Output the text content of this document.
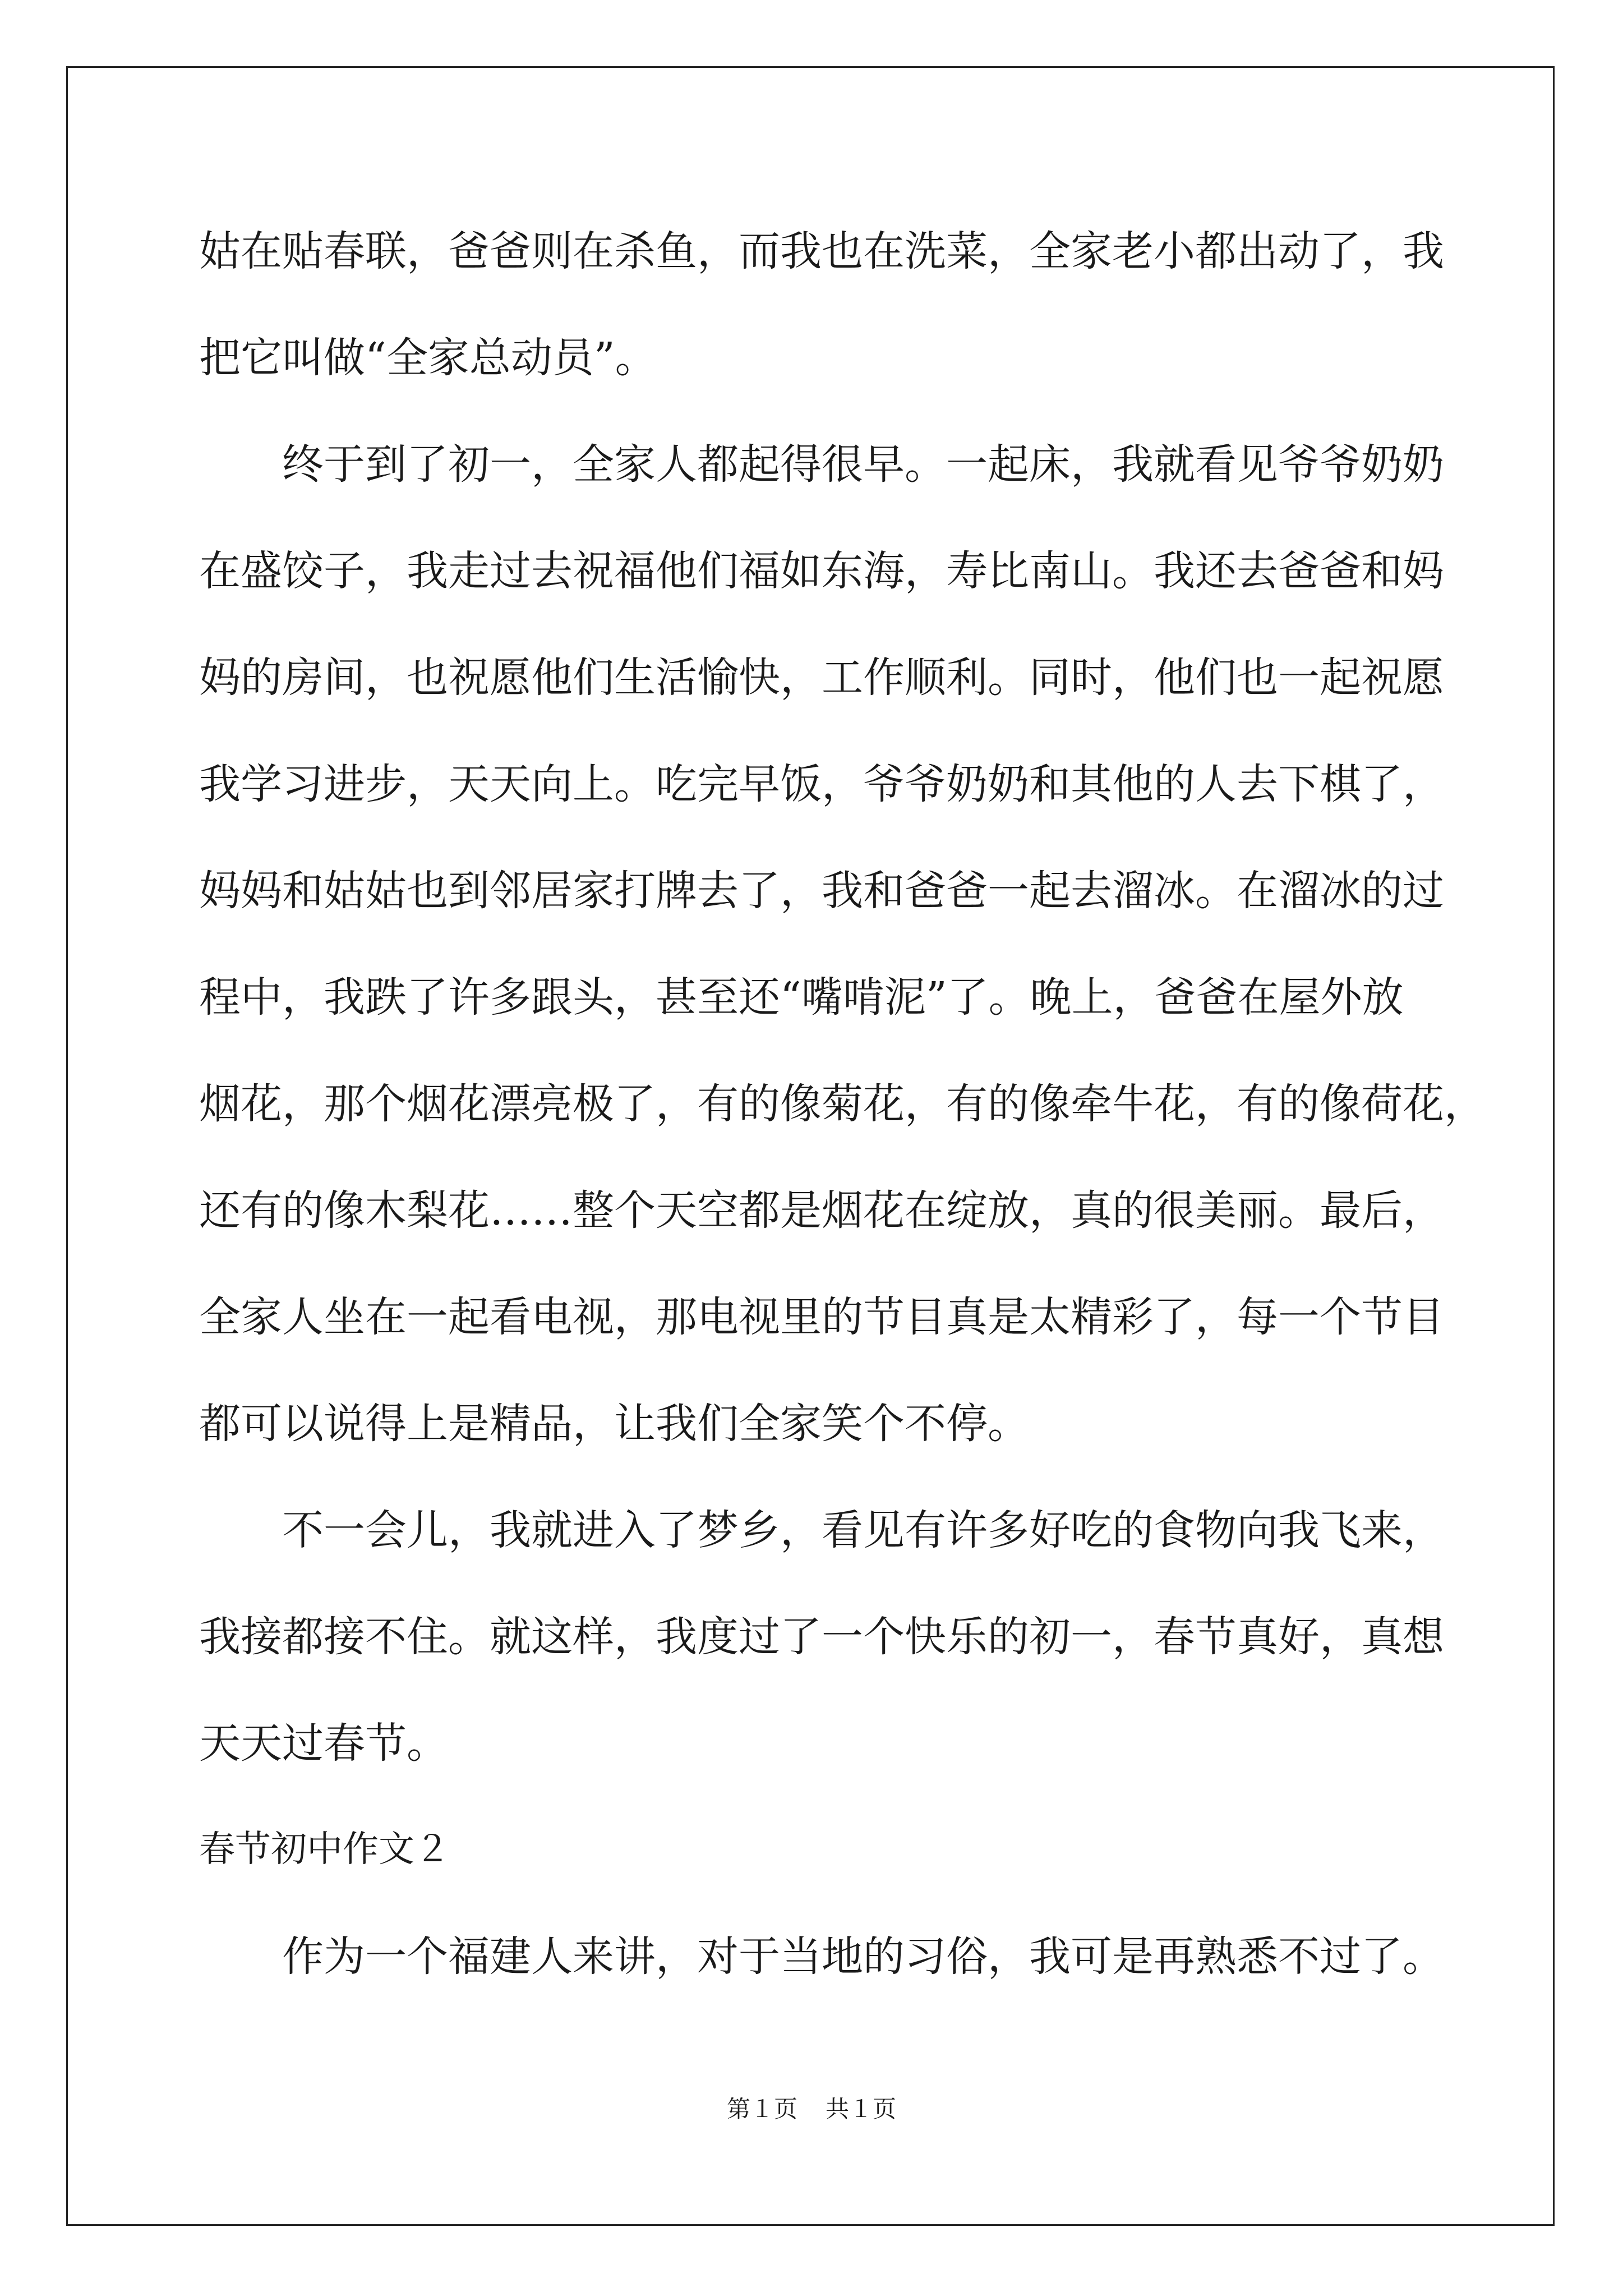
姑在贴春联，爸爸则在杀鱼，而我也在洗菜，全家老小都出动了，我
把它叫做“全家总动员”。
　　终于到了初一，全家人都起得很早。一起床，我就看见爷爷奶奶
在盛饺子，我走过去祝福他们福如东海，寿比南山。我还去爸爸和妈
妈的房间，也祝愿他们生活愉快，工作顺利。同时，他们也一起祝愿
我学习进步，天天向上。吃完早饭，爷爷奶奶和其他的人去下棋了，
妈妈和姑姑也到邻居家打牌去了，我和爸爸一起去溜冰。在溜冰的过
程中，我跌了许多跟头，甚至还“嘴啃泥”了。晚上，爸爸在屋外放
烟花，那个烟花漂亮极了，有的像菊花，有的像牵牛花，有的像荷花，
还有的像木梨花……整个天空都是烟花在绽放，真的很美丽。最后，
全家人坐在一起看电视，那电视里的节目真是太精彩了，每一个节目
都可以说得上是精品，让我们全家笑个不停。
　　不一会儿，我就进入了梦乡，看见有许多好吃的食物向我飞来，
我接都接不住。就这样，我度过了一个快乐的初一，春节真好，真想
天天过春节。
春节初中作文２
　　作为一个福建人来讲，对于当地的习俗，我可是再熟悉不过了。
第１页 共１页
